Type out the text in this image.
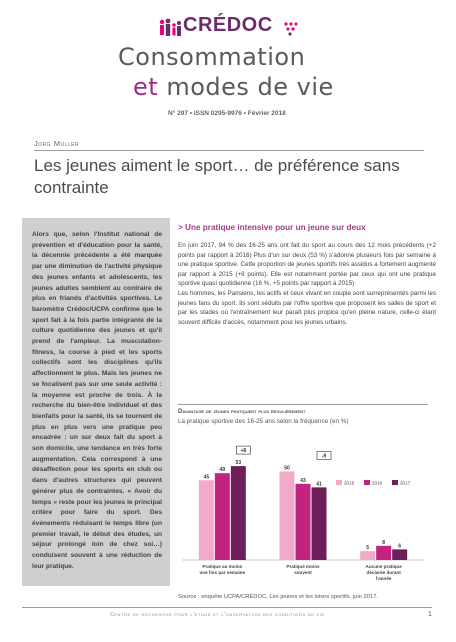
CRÉDOC
Consommation
et modes de vie
N° 297 • ISSN 0295-9976 • Février 2018
Jorg Muller
Les jeunes aiment le sport… de préférence sans contrainte

Alors que, selon l'Institut national de prévention et d'éducation pour la santé, la décennie précédente a été marquée par une diminution de l'activité physique des jeunes enfants et adolescents, les jeunes adultes semblent au contraire de plus en friands d'activités sportives. Le baromètre Crédoc/UCPA confirme que le sport fait à la fois partie intégrante de la culture quotidienne des jeunes et qu'il prend de l'ampleur. La musculation-fitness, la course à pied et les sports collectifs sont les disciplines qu'ils affectionnent le plus. Mais les jeunes ne se focalisent pas sur une seule activité : la moyenne est proche de trois. À la recherche du bien-être individuel et des bienfaits pour la santé, ils se tournent de plus en plus vers une pratique peu encadrée : un sur deux fait du sport à son domicile, une tendance en très forte augmentation. Cela correspond à une désaffection pour les sports en club ou dans d'autres structures qui peuvent générer plus de contraintes. « Avoir du temps » reste pour les jeunes le principal critère pour faire du sport. Des événements réduisant le temps libre (un premier travail, le début des études, un séjour prolongé loin de chez soi…) conduisent souvent à une réduction de leur pratique.

> Une pratique intensive pour un jeune sur deux

En juin 2017, 94 % des 16-25 ans ont fait du sport au cours des 12 mois précédents (+2 points par rapport à 2016) Plus d'un sur deux (53 %) s'adonne plusieurs fois par semaine à une pratique sportive. Cette proportion de jeunes sportifs très assidus a fortement augmenté par rapport à 2015 (+8 points). Elle est notamment portée par ceux qui ont une pratique sportive quasi quotidienne (16 %, +5 points par rapport à 2015)

Les hommes, les Parisiens, les actifs et ceux vivant en couple sont surreprésentés parmi les jeunes fans du sport. Ils sont séduits par l'offre sportive que proposent les salles de sport et par les stades où l'entraînement leur paraît plus propice qu'en pleine nature, celle-ci étant souvent difficile d'accès, notamment pour les jeunes urbains.

Davantage de jeunes pratiquent plus régulièrement
La pratique sportive des 16-25 ans selon la fréquence (en %)
45
49
53
Pratique au moins
une fois par semaine
50
43
41
Pratique moins
souvent
5
8
6
Aucune pratique
déclarée durant
l'année
+8
-9
2015	2016	2017
Source : enquête UCPA/CRÉDOC, Les jeunes et les loisirs sportifs, juin 2017.
Centre de recherche pour l'étude et l'observation des conditions de vie	1
